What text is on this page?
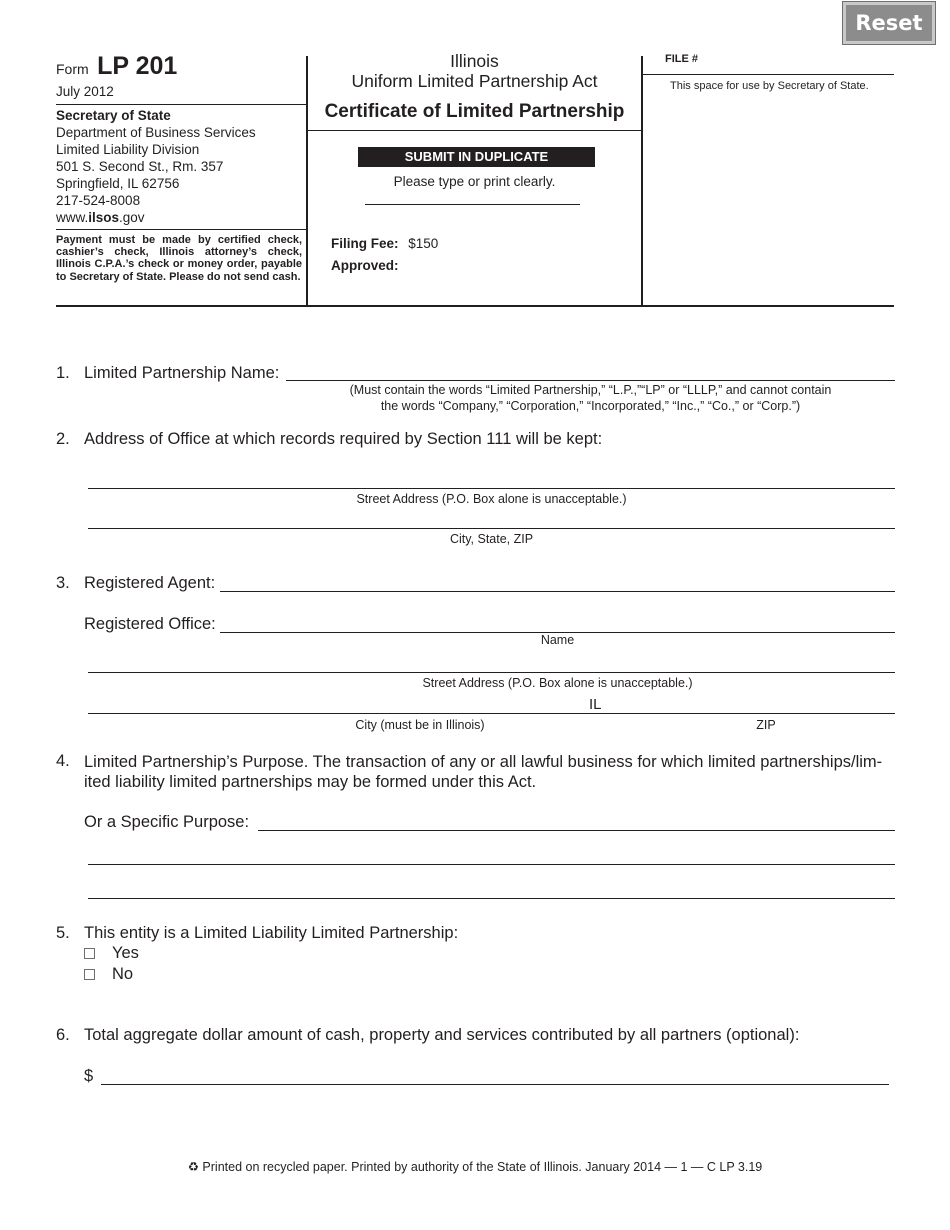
Reset
Form LP 201
July 2012
Secretary of State
Department of Business Services
Limited Liability Division
501 S. Second St., Rm. 357
Springfield, IL 62756
217-524-8008
www.ilsos.gov
Payment must be made by certified check, cashier’s check, Illinois attorney’s check, Illinois C.P.A.’s check or money order, payable to Secretary of State. Please do not send cash.
Illinois
Uniform Limited Partnership Act
Certificate of Limited Partnership
SUBMIT IN DUPLICATE
Please type or print clearly.
Filing Fee: $150
Approved:
FILE #
This space for use by Secretary of State.
1. Limited Partnership Name:
(Must contain the words “Limited Partnership,” “L.P.,”“LP” or “LLLP,” and cannot contain
the words “Company,” “Corporation,” “Incorporated,” “Inc.,” “Co.,” or “Corp.”)
2. Address of Office at which records required by Section 111 will be kept:
Street Address (P.O. Box alone is unacceptable.)
City, State, ZIP
3. Registered Agent:
Registered Office:
Name
Street Address (P.O. Box alone is unacceptable.)
IL
City (must be in Illinois)	ZIP
4. Limited Partnership’s Purpose. The transaction of any or all lawful business for which limited partnerships/lim-
ited liability limited partnerships may be formed under this Act.
Or a Specific Purpose:
5. This entity is a Limited Liability Limited Partnership:
Yes
No
6. Total aggregate dollar amount of cash, property and services contributed by all partners (optional):
$
♻ Printed on recycled paper. Printed by authority of the State of Illinois. January 2014 — 1 — C LP 3.19
